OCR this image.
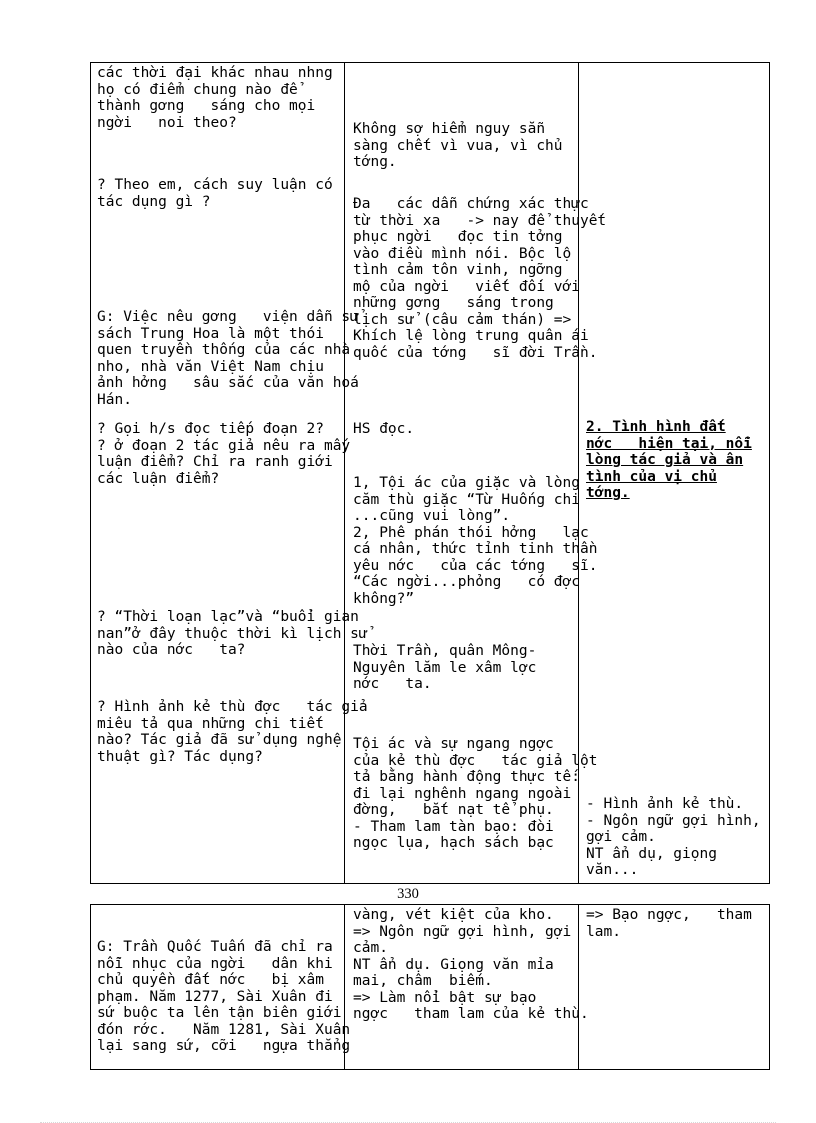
các thời đại khác nhau nhng
họ có điểm chung nào để
thành gơng   sáng cho mọi
ngời   noi theo?
? Theo em, cách suy luận có
tác dụng gì ?
G: Việc nêu gơng   viện dẫn sử
sách Trung Hoa là một thói
quen truyền thống của các nhà
nho, nhà văn Việt Nam chịu
ảnh hởng   sâu sắc của văn hoá
Hán.
? Gọi h/s đọc tiếp đoạn 2?
? ở đoạn 2 tác giả nêu ra mấy
luận điểm? Chỉ ra ranh giới
các luận điểm?
? “Thời loạn lạc”và “buổi gian
nan”ở đây thuộc thời kì lịch sử
nào của nớc   ta?
? Hình ảnh kẻ thù đợc   tác giả
miêu tả qua những chi tiết
nào? Tác giả đã sử dụng nghệ
thuật gì? Tác dụng?
Không sợ hiểm nguy sẵn
sàng chết vì vua, vì chủ
tớng.
Đa   các dẫn chứng xác thực
từ thời xa   -> nay để thuyết
phục ngời   đọc tin tởng
vào điều mình nói. Bộc lộ
tình cảm tôn vinh, ngỡng
mộ của ngời   viết đối với
những gơng   sáng trong
lịch sử (câu cảm thán) =>
Khích lệ lòng trung quân ái
quốc của tớng   sĩ đời Trần.
HS đọc.
1, Tội ác của giặc và lòng
căm thù giặc “Từ Huống chi
...cũng vui lòng”.
2, Phê phán thói hởng   lạc
cá nhân, thức tỉnh tinh thần
yêu nớc   của các tớng   sĩ.
“Các ngời...phỏng   có đợc
không?”
Thời Trần, quân Mông-
Nguyên lăm le xâm lợc
nớc   ta.
Tội ác và sự ngang ngợc
của kẻ thù đợc   tác giả lột
tả bằng hành động thực tế:
đi lại nghênh ngang ngoài
đờng,   bắt nạt tể phụ.
- Tham lam tàn bạo: đòi
ngọc lụa, hạch sách bạc
2. Tình hình đất
nớc   hiện tại, nỗi
lòng tác giả và ân
tình của vị chủ
tớng.
- Hình ảnh kẻ thù.
- Ngôn ngữ gợi hình,
gợi cảm.
NT ẩn dụ, giọng
văn...
330
G: Trần Quốc Tuấn đã chỉ ra
nỗi nhục của ngời   dân khi
chủ quyền đất nớc   bị xâm
phạm. Năm 1277, Sài Xuân đi
sứ buộc ta lên tận biên giới
đón rớc.   Năm 1281, Sài Xuân
lại sang sứ, cỡi   ngựa thẳng
vàng, vét kiệt của kho.
=> Ngôn ngữ gợi hình, gợi
cảm.
NT ẩn dụ. Giọng văn mỉa
mai, châm  biếm.
=> Làm nổi bật sự bạo
ngợc   tham lam của kẻ thù.
=> Bạo ngợc,   tham
lam.
